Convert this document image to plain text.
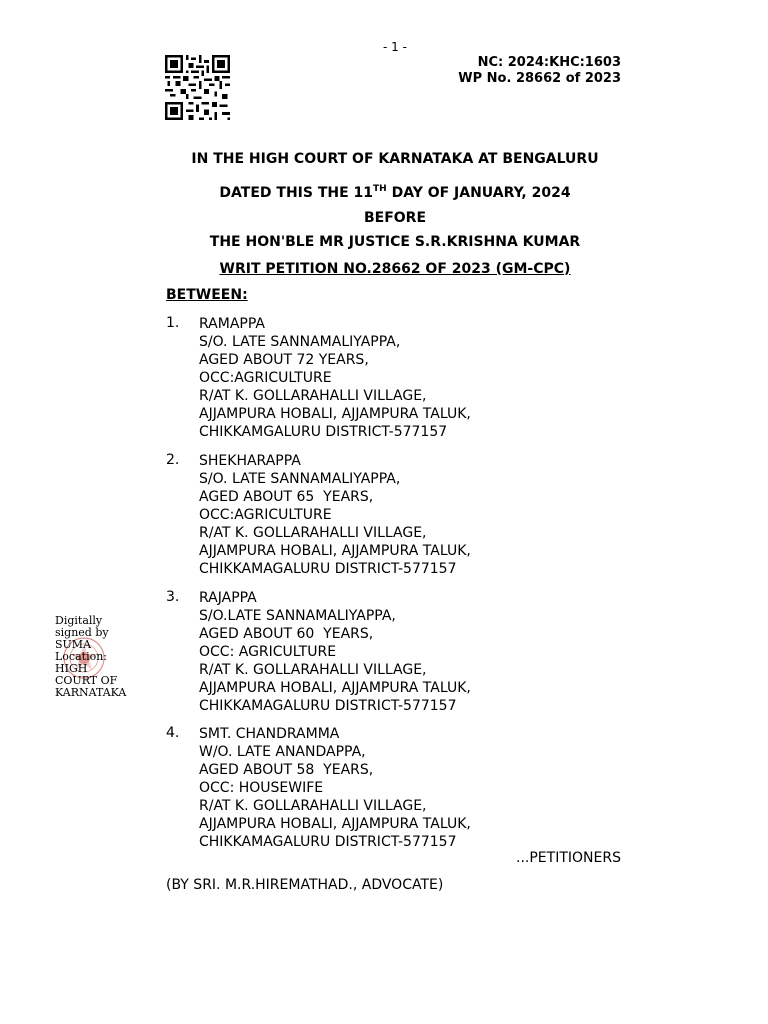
- 1 -
NC: 2024:KHC:1603
WP No. 28662 of 2023
IN THE HIGH COURT OF KARNATAKA AT BENGALURU
DATED THIS THE 11TH DAY OF JANUARY, 2024
BEFORE
THE HON'BLE MR JUSTICE S.R.KRISHNA KUMAR
WRIT PETITION NO.28662 OF 2023 (GM-CPC)
BETWEEN:
1. RAMAPPA
S/O. LATE SANNAMALIYAPPA,
AGED ABOUT 72 YEARS,
OCC:AGRICULTURE
R/AT K. GOLLARAHALLI VILLAGE,
AJJAMPURA HOBALI, AJJAMPURA TALUK,
CHIKKAMGALURU DISTRICT-577157
2. SHEKHARAPPA
S/O. LATE SANNAMALIYAPPA,
AGED ABOUT 65  YEARS,
OCC:AGRICULTURE
R/AT K. GOLLARAHALLI VILLAGE,
AJJAMPURA HOBALI, AJJAMPURA TALUK,
CHIKKAMAGALURU DISTRICT-577157
3. RAJAPPA
S/O.LATE SANNAMALIYAPPA,
AGED ABOUT 60  YEARS,
OCC: AGRICULTURE
R/AT K. GOLLARAHALLI VILLAGE,
AJJAMPURA HOBALI, AJJAMPURA TALUK,
CHIKKAMAGALURU DISTRICT-577157
4. SMT. CHANDRAMMA
W/O. LATE ANANDAPPA,
AGED ABOUT 58  YEARS,
OCC: HOUSEWIFE
R/AT K. GOLLARAHALLI VILLAGE,
AJJAMPURA HOBALI, AJJAMPURA TALUK,
CHIKKAMAGALURU DISTRICT-577157
...PETITIONERS
(BY SRI. M.R.HIREMATHAD., ADVOCATE)
Digitally
signed by
SUMA
Location:
HIGH
COURT OF
KARNATAKA
